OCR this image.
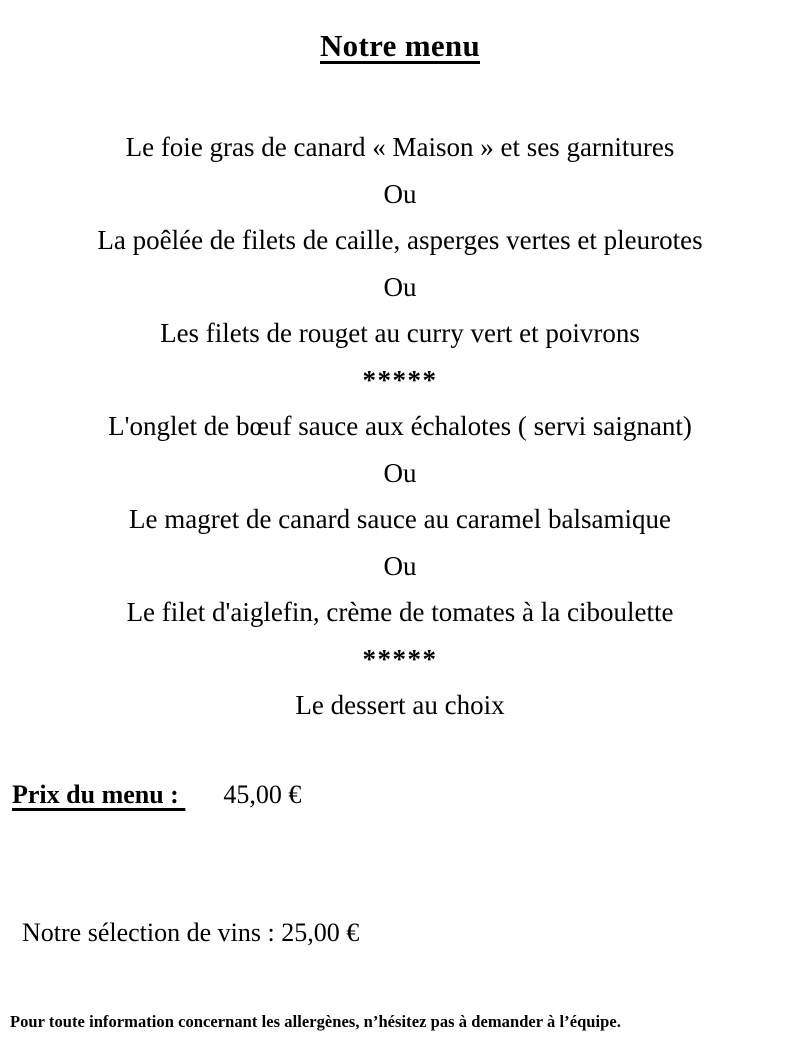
Notre menu
Le foie gras de canard « Maison » et ses garnitures
Ou
La poêlée de filets de caille, asperges vertes et pleurotes
Ou
Les filets de rouget au curry vert et poivrons
*****
L'onglet de bœuf sauce aux échalotes ( servi saignant)
Ou
Le magret de canard sauce au caramel balsamique
Ou
Le filet d'aiglefin, crème de tomates à la ciboulette
*****
Le dessert au choix
Prix du menu : 45,00 €
Notre sélection de vins : 25,00 €
Pour toute information concernant les allergènes, n’hésitez pas à demander à l’équipe.
